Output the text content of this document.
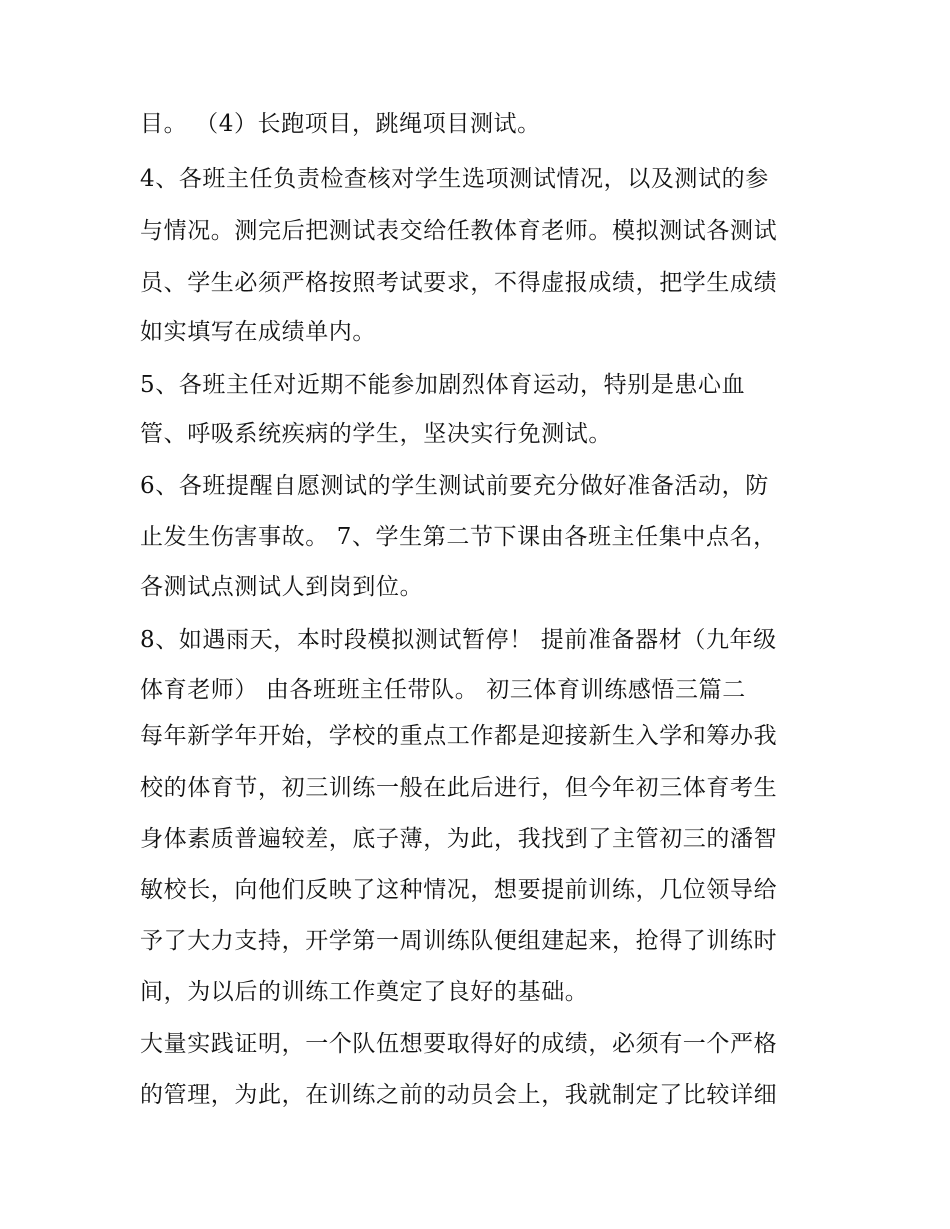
目。 （4）长跑项目，跳绳项目测试。
4、各班主任负责检查核对学生选项测试情况，以及测试的参
与情况。测完后把测试表交给任教体育老师。模拟测试各测试
员、学生必须严格按照考试要求，不得虚报成绩，把学生成绩
如实填写在成绩单内。
5、各班主任对近期不能参加剧烈体育运动，特别是患心血
管、呼吸系统疾病的学生，坚决实行免测试。
6、各班提醒自愿测试的学生测试前要充分做好准备活动，防
止发生伤害事故。 7、学生第二节下课由各班主任集中点名，
各测试点测试人到岗到位。
8、如遇雨天，本时段模拟测试暂停！ 提前准备器材（九年级
体育老师） 由各班班主任带队。 初三体育训练感悟三篇二
每年新学年开始，学校的重点工作都是迎接新生入学和筹办我
校的体育节，初三训练一般在此后进行，但今年初三体育考生
身体素质普遍较差，底子薄，为此，我找到了主管初三的潘智
敏校长，向他们反映了这种情况，想要提前训练，几位领导给
予了大力支持，开学第一周训练队便组建起来，抢得了训练时
间，为以后的训练工作奠定了良好的基础。
大量实践证明，一个队伍想要取得好的成绩，必须有一个严格
的管理，为此，在训练之前的动员会上，我就制定了比较详细
